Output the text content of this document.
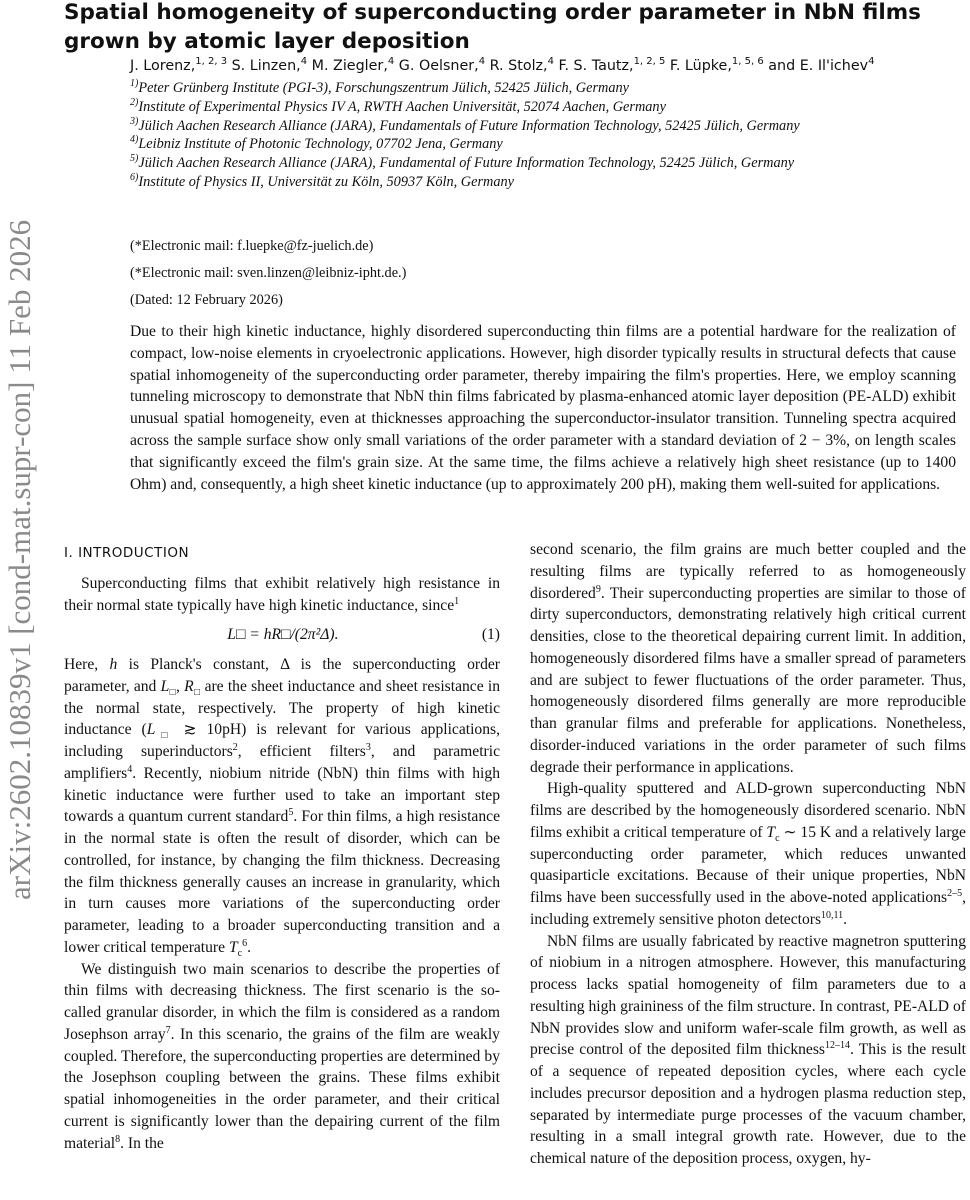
arXiv:2602.10839v1 [cond-mat.supr-con] 11 Feb 2026
Spatial homogeneity of superconducting order parameter in NbN films grown by atomic layer deposition
J. Lorenz,$^{1, 2, 3}$ S. Linzen,$^4$ M. Ziegler,$^4$ G. Oelsner,$^4$ R. Stolz,$^4$ F. S. Tautz,$^{1, 2, 5}$ F. Lüpke,$^{1, 5, 6}$ and E. Il'ichev$^4$
$^{1)}$Peter Grünberg Institute (PGI-3), Forschungszentrum Jülich, 52425 Jülich, Germany
$^{2)}$Institute of Experimental Physics IV A, RWTH Aachen Universität, 52074 Aachen, Germany
$^{3)}$Jülich Aachen Research Alliance (JARA), Fundamentals of Future Information Technology, 52425 Jülich, Germany
$^{4)}$Leibniz Institute of Photonic Technology, 07702 Jena, Germany
$^{5)}$Jülich Aachen Research Alliance (JARA), Fundamental of Future Information Technology, 52425 Jülich, Germany
$^{6)}$Institute of Physics II, Universität zu Köln, 50937 Köln, Germany
(*Electronic mail: f.luepke@fz-juelich.de)
(*Electronic mail: sven.linzen@leibniz-ipht.de.)
(Dated: 12 February 2026)
Due to their high kinetic inductance, highly disordered superconducting thin films are a potential hardware for the realization of compact, low-noise elements in cryoelectronic applications. However, high disorder typically results in structural defects that cause spatial inhomogeneity of the superconducting order parameter, thereby impairing the film's properties. Here, we employ scanning tunneling microscopy to demonstrate that NbN thin films fabricated by plasma-enhanced atomic layer deposition (PE-ALD) exhibit unusual spatial homogeneity, even at thicknesses approaching the superconductor-insulator transition. Tunneling spectra acquired across the sample surface show only small variations of the order parameter with a standard deviation of 2 − 3%, on length scales that significantly exceed the film's grain size. At the same time, the films achieve a relatively high sheet resistance (up to 1400 Ohm) and, consequently, a high sheet kinetic inductance (up to approximately 200 pH), making them well-suited for applications.
I. INTRODUCTION

Superconducting films that exhibit relatively high resistance in their normal state typically have high kinetic inductance, since$^1$

L□ = hR□/(2π²Δ).	(1)

Here, h is Planck's constant, Δ is the superconducting order parameter, and $L_□$, $R_□$ are the sheet inductance and sheet resistance in the normal state, respectively. The property of high kinetic inductance ($L_□$ ≳ 10pH) is relevant for various applications, including superinductors$^2$, efficient filters$^3$, and parametric amplifiers$^4$. Recently, niobium nitride (NbN) thin films with high kinetic inductance were further used to take an important step towards a quantum current standard$^5$. For thin films, a high resistance in the normal state is often the result of disorder, which can be controlled, for instance, by changing the film thickness. Decreasing the film thickness generally causes an increase in granularity, which in turn causes more variations of the superconducting order parameter, leading to a broader superconducting transition and a lower critical temperature $T_c^6$.

We distinguish two main scenarios to describe the properties of thin films with decreasing thickness. The first scenario is the so-called granular disorder, in which the film is considered as a random Josephson array$^7$. In this scenario, the grains of the film are weakly coupled. Therefore, the superconducting properties are determined by the Josephson coupling between the grains. These films exhibit spatial inhomogeneities in the order parameter, and their critical current is significantly lower than the depairing current of the film material$^8$. In the

second scenario, the film grains are much better coupled and the resulting films are typically referred to as homogeneously disordered$^9$. Their superconducting properties are similar to those of dirty superconductors, demonstrating relatively high critical current densities, close to the theoretical depairing current limit. In addition, homogeneously disordered films have a smaller spread of parameters and are subject to fewer fluctuations of the order parameter. Thus, homogeneously disordered films generally are more reproducible than granular films and preferable for applications. Nonetheless, disorder-induced variations in the order parameter of such films degrade their performance in applications.

High-quality sputtered and ALD-grown superconducting NbN films are described by the homogeneously disordered scenario. NbN films exhibit a critical temperature of $T_c$ ∼ 15 K and a relatively large superconducting order parameter, which reduces unwanted quasiparticle excitations. Because of their unique properties, NbN films have been successfully used in the above-noted applications$^{2-5}$, including extremely sensitive photon detectors$^{10,11}$.

NbN films are usually fabricated by reactive magnetron sputtering of niobium in a nitrogen atmosphere. However, this manufacturing process lacks spatial homogeneity of film parameters due to a resulting high graininess of the film structure. In contrast, PE-ALD of NbN provides slow and uniform wafer-scale film growth, as well as precise control of the deposited film thickness$^{12-14}$. This is the result of a sequence of repeated deposition cycles, where each cycle includes precursor deposition and a hydrogen plasma reduction step, separated by intermediate purge processes of the vacuum chamber, resulting in a small integral growth rate. However, due to the chemical nature of the deposition process, oxygen, hy-
